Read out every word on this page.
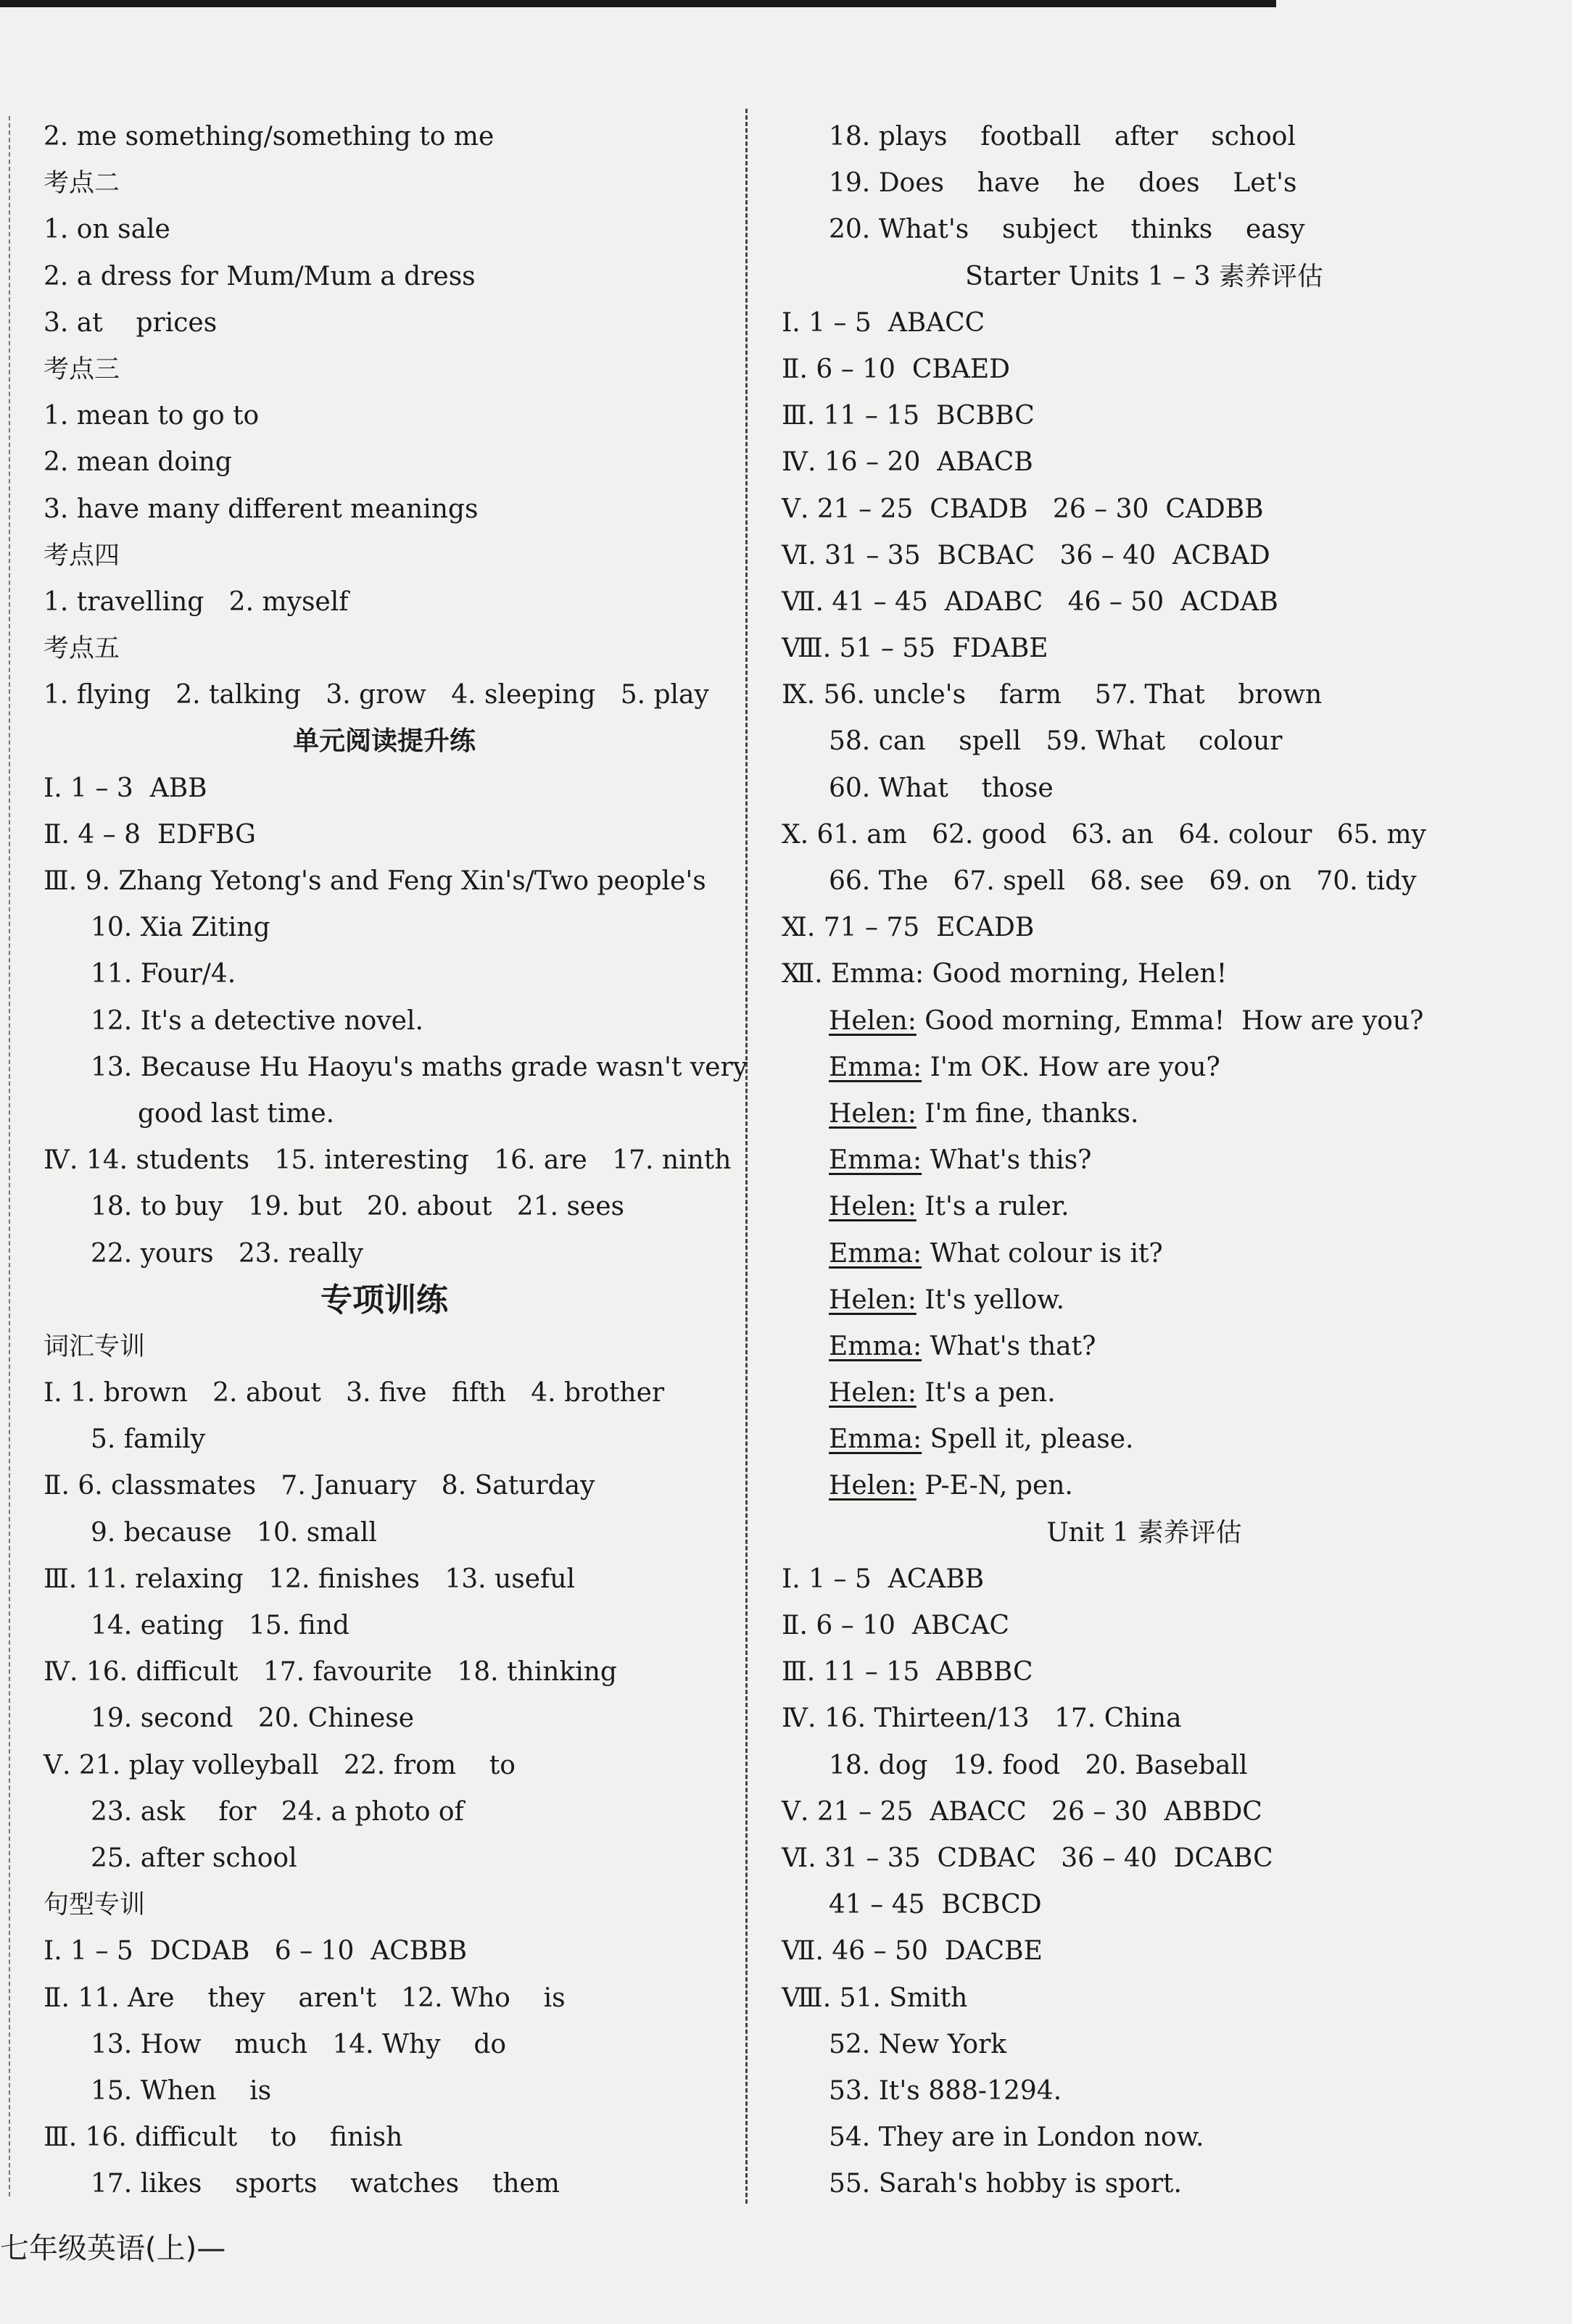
2. me something/something to me
考点二
1. on sale
2. a dress for Mum/Mum a dress
3. at    prices
考点三
1. mean to go to
2. mean doing
3. have many different meanings
考点四
1. travelling   2. myself
考点五
1. flying   2. talking   3. grow   4. sleeping   5. play
单元阅读提升练
Ⅰ. 1 – 3  ABB
Ⅱ. 4 – 8  EDFBG
Ⅲ. 9. Zhang Yetong's and Feng Xin's/Two people's
10. Xia Ziting
11. Four/4.
12. It's a detective novel.
13. Because Hu Haoyu's maths grade wasn't very
good last time.
Ⅳ. 14. students   15. interesting   16. are   17. ninth
18. to buy   19. but   20. about   21. sees
22. yours   23. really
专项训练
词汇专训
Ⅰ. 1. brown   2. about   3. five   fifth   4. brother
5. family
Ⅱ. 6. classmates   7. January   8. Saturday
9. because   10. small
Ⅲ. 11. relaxing   12. finishes   13. useful
14. eating   15. find
Ⅳ. 16. difficult   17. favourite   18. thinking
19. second   20. Chinese
Ⅴ. 21. play volleyball   22. from    to
23. ask    for   24. a photo of
25. after school
句型专训
Ⅰ. 1 – 5  DCDAB   6 – 10  ACBBB
Ⅱ. 11. Are    they    aren't   12. Who    is
13. How    much   14. Why    do
15. When    is
Ⅲ. 16. difficult    to    finish
17. likes    sports    watches    them
18. plays    football    after    school
19. Does    have    he    does    Let's
20. What's    subject    thinks    easy
Starter Units 1 – 3 素养评估
Ⅰ. 1 – 5  ABACC
Ⅱ. 6 – 10  CBAED
Ⅲ. 11 – 15  BCBBC
Ⅳ. 16 – 20  ABACB
Ⅴ. 21 – 25  CBADB   26 – 30  CADBB
Ⅵ. 31 – 35  BCBAC   36 – 40  ACBAD
Ⅶ. 41 – 45  ADABC   46 – 50  ACDAB
Ⅷ. 51 – 55  FDABE
Ⅸ. 56. uncle's    farm    57. That    brown
58. can    spell   59. What    colour
60. What    those
Ⅹ. 61. am   62. good   63. an   64. colour   65. my
66. The   67. spell   68. see   69. on   70. tidy
Ⅺ. 71 – 75  ECADB
Ⅻ. Emma: Good morning, Helen!
Helen: Good morning, Emma!  How are you?
Emma: I'm OK. How are you?
Helen: I'm fine, thanks.
Emma: What's this?
Helen: It's a ruler.
Emma: What colour is it?
Helen: It's yellow.
Emma: What's that?
Helen: It's a pen.
Emma: Spell it, please.
Helen: P-E-N, pen.
Unit 1 素养评估
Ⅰ. 1 – 5  ACABB
Ⅱ. 6 – 10  ABCAC
Ⅲ. 11 – 15  ABBBC
Ⅳ. 16. Thirteen/13   17. China
18. dog   19. food   20. Baseball
Ⅴ. 21 – 25  ABACC   26 – 30  ABBDC
Ⅵ. 31 – 35  CDBAC   36 – 40  DCABC
41 – 45  BCBCD
Ⅶ. 46 – 50  DACBE
Ⅷ. 51. Smith
52. New York
53. It's 888-1294.
54. They are in London now.
55. Sarah's hobby is sport.
七年级英语(上)—
